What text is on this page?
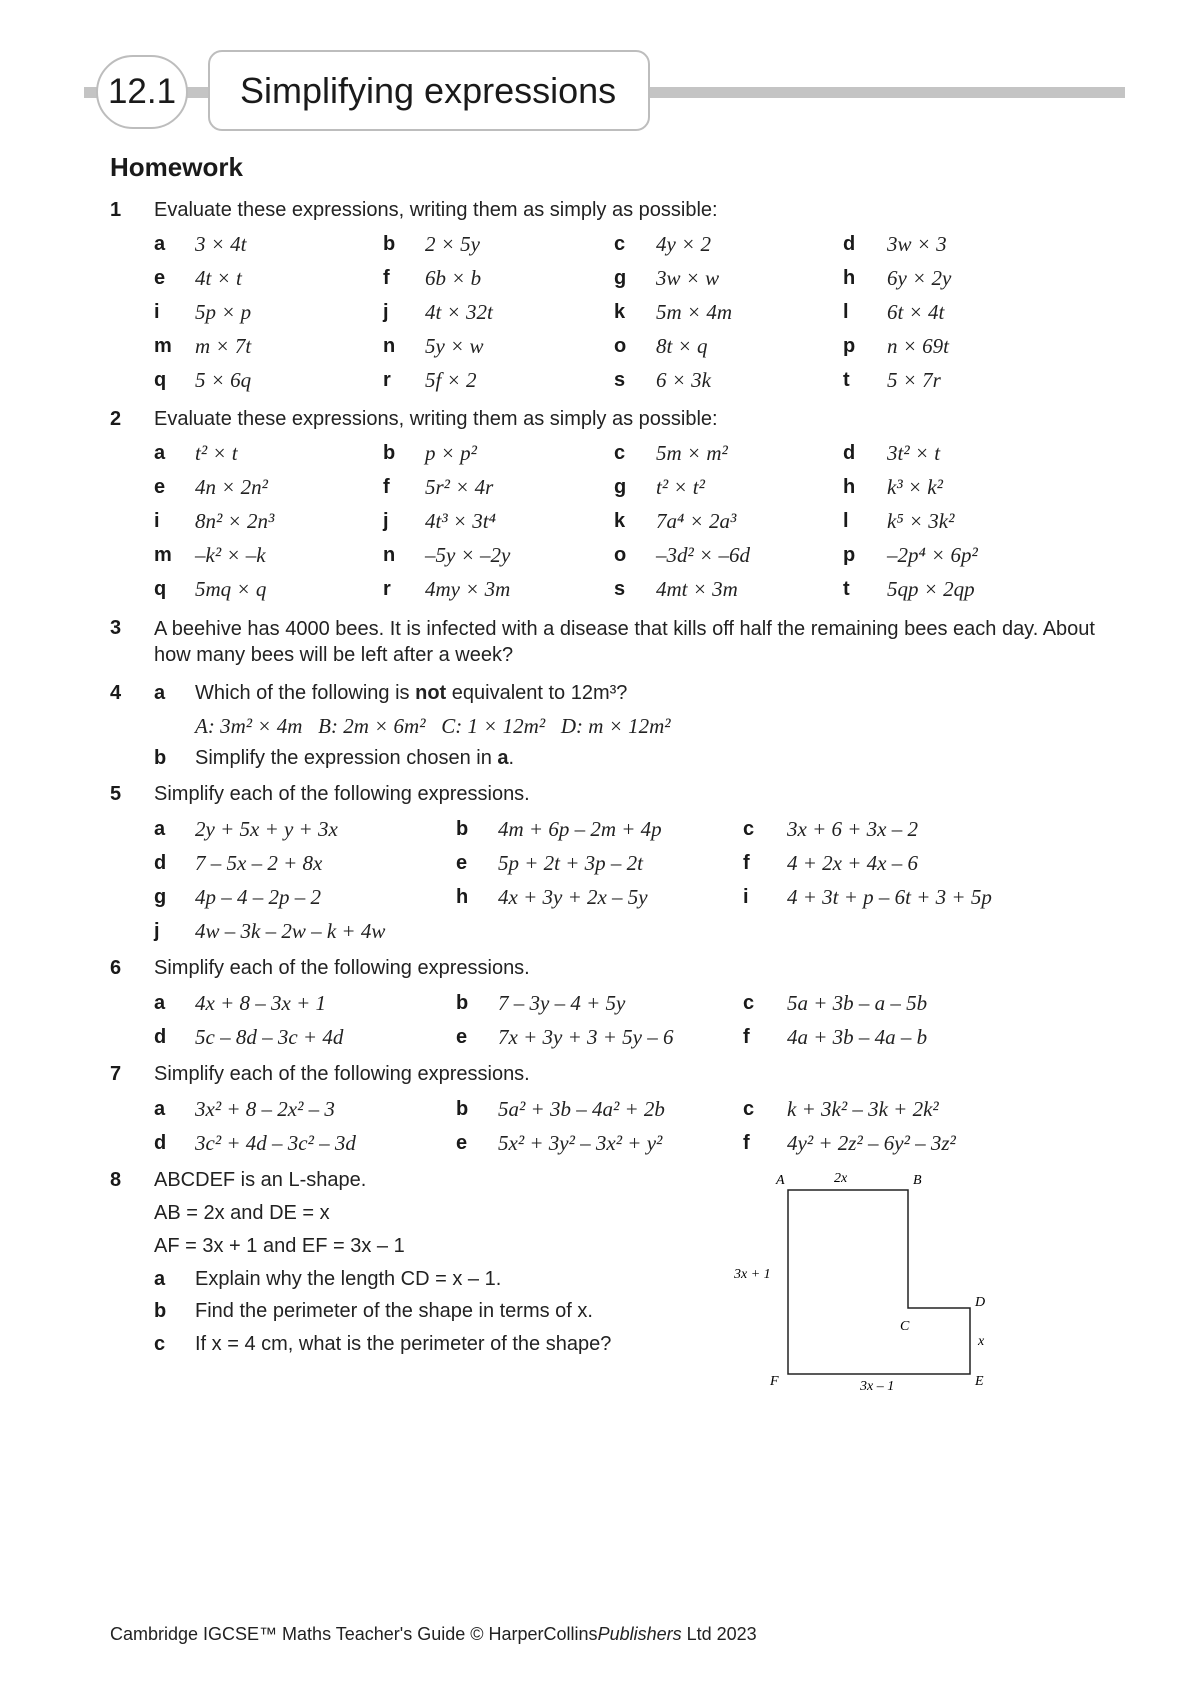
12.1 Simplifying expressions
Homework
1 Evaluate these expressions, writing them as simply as possible:
a 3 × 4t	b 2 × 5y	c 4y × 2	d 3w × 3
e 4t × t	f 6b × b	g 3w × w	h 6y × 2y
i 5p × p	j 4t × 32t	k 5m × 4m	l 6t × 4t
m m × 7t	n 5y × w	o 8t × q	p n × 69t
q 5 × 6q	r 5f × 2	s 6 × 3k	t 5 × 7r
2 Evaluate these expressions, writing them as simply as possible:
a t² × t	b p × p²	c 5m × m²	d 3t² × t
e 4n × 2n²	f 5r² × 4r	g t² × t²	h k³ × k²
i 8n² × 2n³	j 4t³ × 3t⁴	k 7a⁴ × 2a³	l k⁵ × 3k²
m –k² × –k	n –5y × –2y	o –3d² × –6d	p –2p⁴ × 6p²
q 5mq × q	r 4my × 3m	s 4mt × 3m	t 5qp × 2qp
3 A beehive has 4000 bees. It is infected with a disease that kills off half the remaining bees each day. About how many bees will be left after a week?
4 a Which of the following is not equivalent to 12m³?
A: 3m² × 4m   B: 2m × 6m²   C: 1 × 12m²   D: m × 12m²
b Simplify the expression chosen in a.
5 Simplify each of the following expressions.
a 2y + 5x + y + 3x	b 4m + 6p – 2m + 4p	c 3x + 6 + 3x – 2
d 7 – 5x – 2 + 8x	e 5p + 2t + 3p – 2t	f 4 + 2x + 4x – 6
g 4p – 4 – 2p – 2	h 4x + 3y + 2x – 5y	i 4 + 3t + p – 6t + 3 + 5p
j 4w – 3k – 2w – k + 4w
6 Simplify each of the following expressions.
a 4x + 8 – 3x + 1	b 7 – 3y – 4 + 5y	c 5a + 3b – a – 5b
d 5c – 8d – 3c + 4d	e 7x + 3y + 3 + 5y – 6	f 4a + 3b – 4a – b
7 Simplify each of the following expressions.
a 3x² + 8 – 2x² – 3	b 5a² + 3b – 4a² + 2b	c k + 3k² – 3k + 2k²
d 3c² + 4d – 3c² – 3d	e 5x² + 3y² – 3x² + y²	f 4y² + 2z² – 6y² – 3z²
8 ABCDEF is an L-shape.
AB = 2x and DE = x
AF = 3x + 1 and EF = 3x – 1
a Explain why the length CD = x – 1.
b Find the perimeter of the shape in terms of x.
c If x = 4 cm, what is the perimeter of the shape?
A	B
C
D
E
F
2x
3x + 1
x
3x – 1
Cambridge IGCSE™ Maths Teacher's Guide © HarperCollinsPublishers Ltd 2023
